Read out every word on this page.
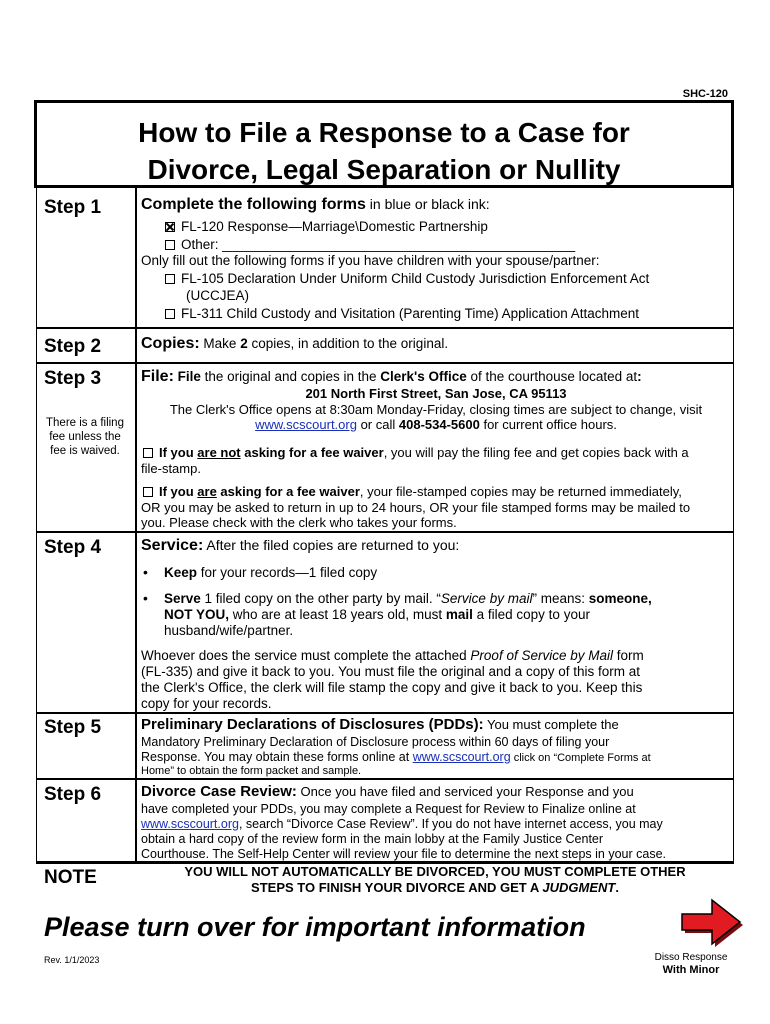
SHC-120
How to File a Response to a Case for
Divorce, Legal Separation or Nullity
Step 1
Step 2
Step 3
There is a filing fee unless the fee is waived.
Step 4
Step 5
Step 6
NOTE
Complete the following forms in blue or black ink:
FL-120 Response—Marriage\Domestic Partnership
Other: _______________________________________________
Only fill out the following forms if you have children with your spouse/partner:
FL-105 Declaration Under Uniform Child Custody Jurisdiction Enforcement Act
(UCCJEA)
FL-311 Child Custody and Visitation (Parenting Time) Application Attachment
Copies: Make 2 copies, in addition to the original.
File: File the original and copies in the Clerk's Office of the courthouse located at:
201 North First Street, San Jose, CA 95113
The Clerk's Office opens at 8:30am Monday-Friday, closing times are subject to change, visit
www.scscourt.org or call 408-534-5600 for current office hours.
If you are not asking for a fee waiver, you will pay the filing fee and get copies back with a
file-stamp.
If you are asking for a fee waiver, your file-stamped copies may be returned immediately,
OR you may be asked to return in up to 24 hours, OR your file stamped forms may be mailed to
you. Please check with the clerk who takes your forms.
Service: After the filed copies are returned to you:
• Keep for your records—1 filed copy
• Serve 1 filed copy on the other party by mail. “Service by mail” means: someone,
NOT YOU, who are at least 18 years old, must mail a filed copy to your
husband/wife/partner.
Whoever does the service must complete the attached Proof of Service by Mail form
(FL-335) and give it back to you. You must file the original and a copy of this form at
the Clerk's Office, the clerk will file stamp the copy and give it back to you. Keep this
copy for your records.
Preliminary Declarations of Disclosures (PDDs): You must complete the
Mandatory Preliminary Declaration of Disclosure process within 60 days of filing your
Response. You may obtain these forms online at www.scscourt.org click on “Complete Forms at
Home” to obtain the form packet and sample.
Divorce Case Review: Once you have filed and serviced your Response and you
have completed your PDDs, you may complete a Request for Review to Finalize online at
www.scscourt.org, search “Divorce Case Review”. If you do not have internet access, you may
obtain a hard copy of the review form in the main lobby at the Family Justice Center
Courthouse. The Self-Help Center will review your file to determine the next steps in your case.
YOU WILL NOT AUTOMATICALLY BE DIVORCED, YOU MUST COMPLETE OTHER
STEPS TO FINISH YOUR DIVORCE AND GET A JUDGMENT.
Please turn over for important information
Rev. 1/1/2023	Disso Response
With Minor
